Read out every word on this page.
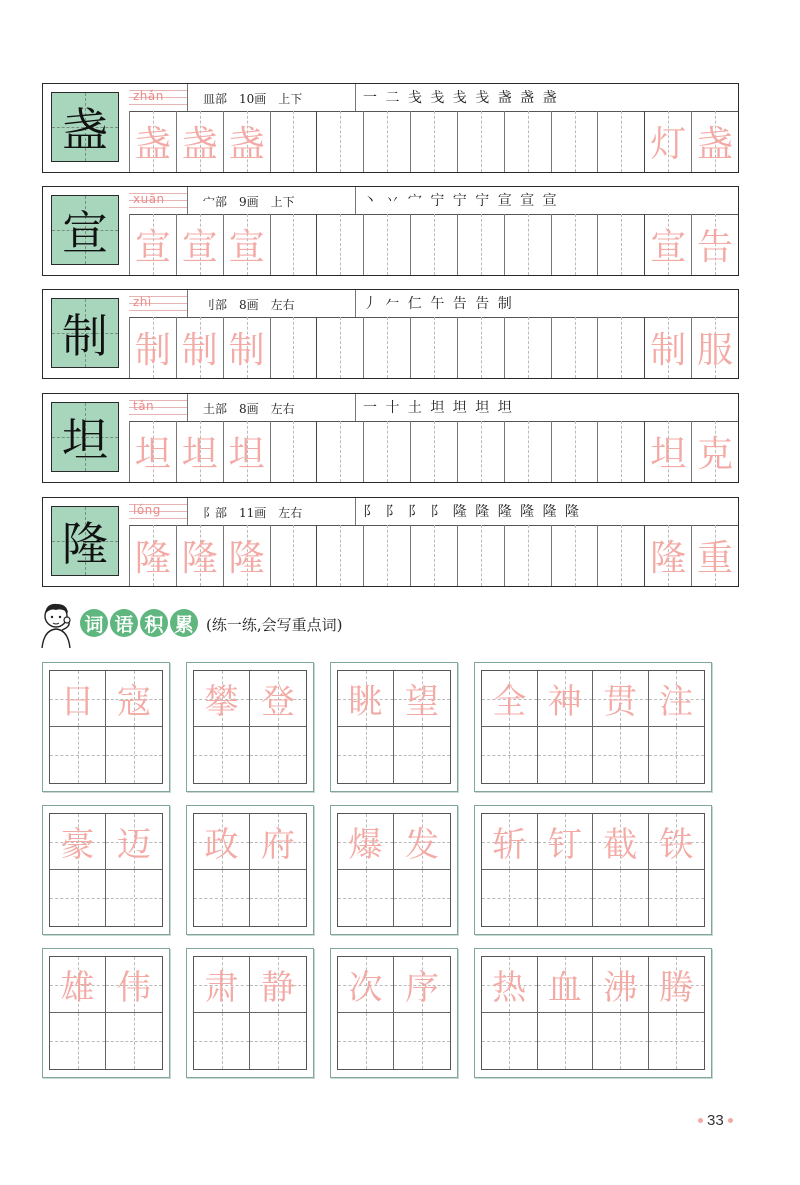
盏
zhǎn	皿部　10画　上下	一 二 戋 戋 戋 戋 盏 盏 盏
盏 盏 盏	灯 盏
宣
xuān	宀部　9画　上下	丶 丷 宀 宁 宁 宁 宣 宣 宣
宣 宣 宣	宣 告
制
zhì	刂部　8画　左右	丿 𠂉 仁 午 告 告 制
制 制 制	制 服
坦
tǎn	土部　8画　左右	一 十 土 坦 坦 坦 坦
坦 坦 坦	坦 克
隆
lóng	阝部　11画　左右	阝 阝 阝 阝 隆 隆 隆 隆 隆 隆
隆 隆 隆	隆 重
词 语 积 累 (练一练,会写重点词)
日 寇 攀 登 眺 望 全 神 贯 注
豪 迈 政 府 爆 发 斩 钉 截 铁
雄 伟 肃 静 次 序 热 血 沸 腾
33
